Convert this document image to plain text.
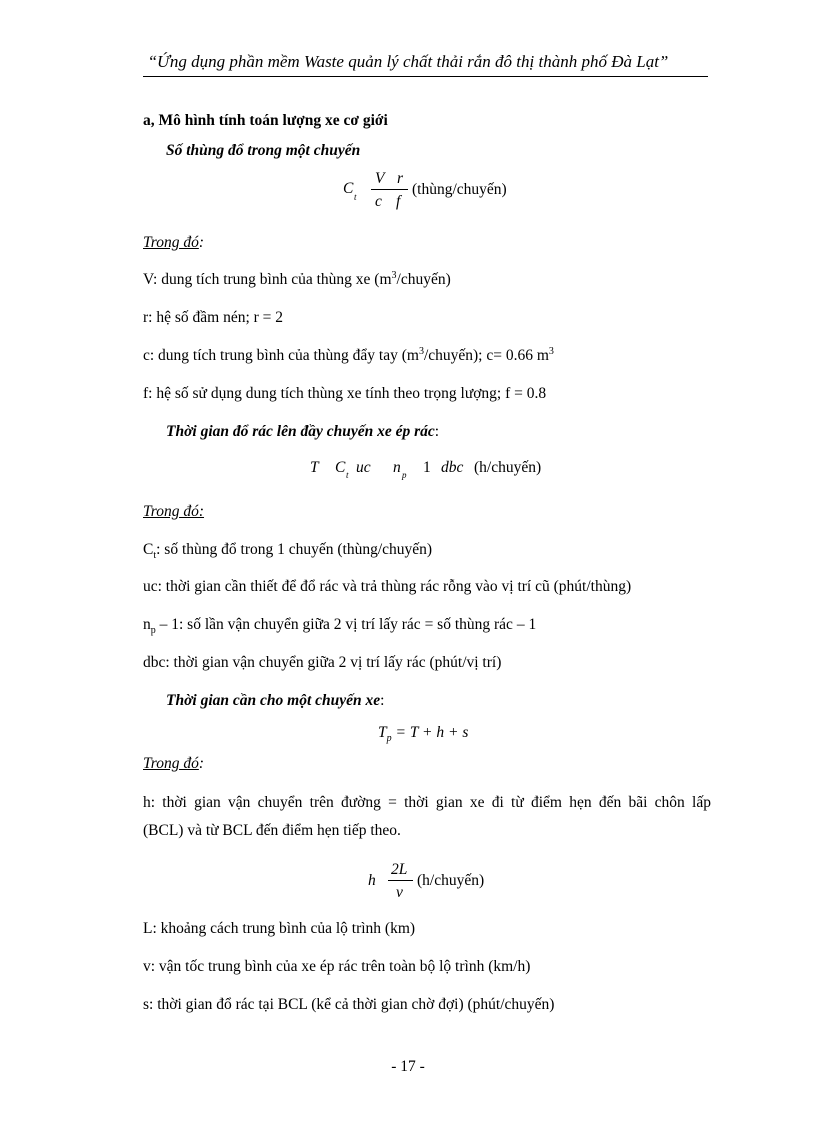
“Ứng dụng phần mềm Waste quản lý chất thải rắn đô thị thành phố Đà Lạt”
a, Mô hình tính toán lượng xe cơ giới
Số thùng đổ trong một chuyến
C t
V r
c f
(thùng/chuyến)
Trong đó:
V: dung tích trung bình của thùng xe $(m^3/chuyến)$
r: hệ số đầm nén; r = 2
c: dung tích trung bình của thùng đẩy tay $(m^3/chuyến)$; c= 0.66 $m^3$
f: hệ số sử dụng dung tích thùng xe tính theo trọng lượng; f = 0.8
Thời gian đổ rác lên đầy chuyến xe ép rác:
T C t uc n p 1 dbc (h/chuyến)
Trong đó:
$C_t$: số thùng đổ trong 1 chuyến (thùng/chuyến)
uc: thời gian cần thiết để đổ rác và trả thùng rác rỗng vào vị trí cũ (phút/thùng)
$n_p - 1$: số lần vận chuyển giữa 2 vị trí lấy rác = số thùng rác – 1
dbc: thời gian vận chuyển giữa 2 vị trí lấy rác (phút/vị trí)
Thời gian cần cho một chuyến xe:
$T_p = T + h + s$
Trong đó:
h: thời gian vận chuyển trên đường = thời gian xe đi từ điểm hẹn đến bãi chôn lấp
(BCL) và từ BCL đến điểm hẹn tiếp theo.
h
2L
v
(h/chuyến)
L: khoảng cách trung bình của lộ trình (km)
v: vận tốc trung bình của xe ép rác trên toàn bộ lộ trình (km/h)
s: thời gian đổ rác tại BCL (kể cả thời gian chờ đợi) (phút/chuyến)
- 17 -
